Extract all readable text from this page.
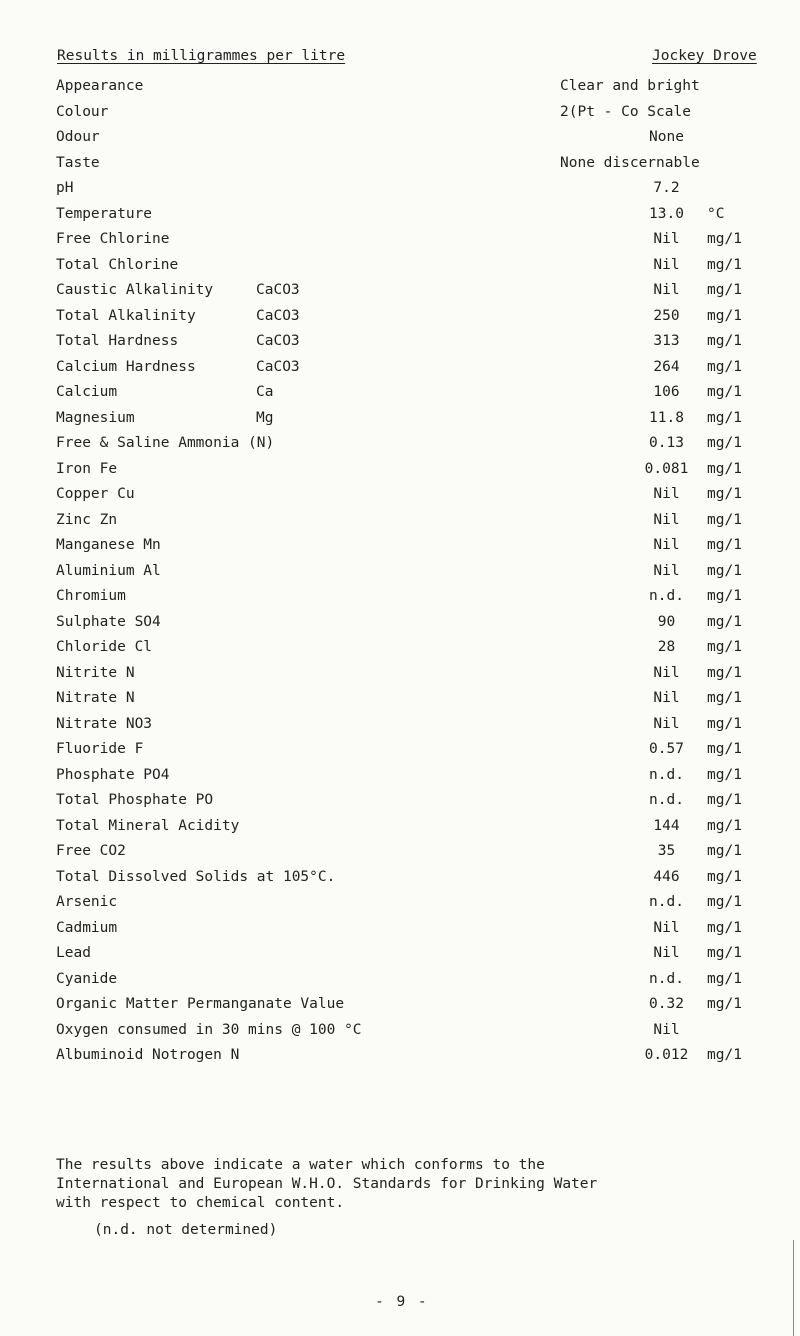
Results in milligrammes per litre	Jockey Drove
Appearance	Clear and bright
Colour	2(Pt - Co Scale
Odour	None
Taste	None discernable
pH	7.2
Temperature	13.0	°C
Free Chlorine	Nil	mg/1
Total Chlorine	Nil	mg/1
Caustic Alkalinity	CaCO3	Nil	mg/1
Total Alkalinity	CaCO3	250	mg/1
Total Hardness	CaCO3	313	mg/1
Calcium Hardness	CaCO3	264	mg/1
Calcium	Ca	106	mg/1
Magnesium	Mg	11.8	mg/1
Free & Saline Ammonia (N)	0.13	mg/1
Iron Fe	0.081	mg/1
Copper Cu	Nil	mg/1
Zinc Zn	Nil	mg/1
Manganese Mn	Nil	mg/1
Aluminium Al	Nil	mg/1
Chromium	n.d.	mg/1
Sulphate SO4	90	mg/1
Chloride Cl	28	mg/1
Nitrite N	Nil	mg/1
Nitrate N	Nil	mg/1
Nitrate NO3	Nil	mg/1
Fluoride F	0.57	mg/1
Phosphate PO4	n.d.	mg/1
Total Phosphate PO	n.d.	mg/1
Total Mineral Acidity	144	mg/1
Free CO2	35	mg/1
Total Dissolved Solids at 105°C.	446	mg/1
Arsenic	n.d.	mg/1
Cadmium	Nil	mg/1
Lead	Nil	mg/1
Cyanide	n.d.	mg/1
Organic Matter Permanganate Value	0.32	mg/1
Oxygen consumed in 30 mins @ 100 °C	Nil
Albuminoid Notrogen N	0.012	mg/1
The results above indicate a water which conforms to the
International and European W.H.O. Standards for Drinking Water
with respect to chemical content.
(n.d. not determined)
- 9 -
